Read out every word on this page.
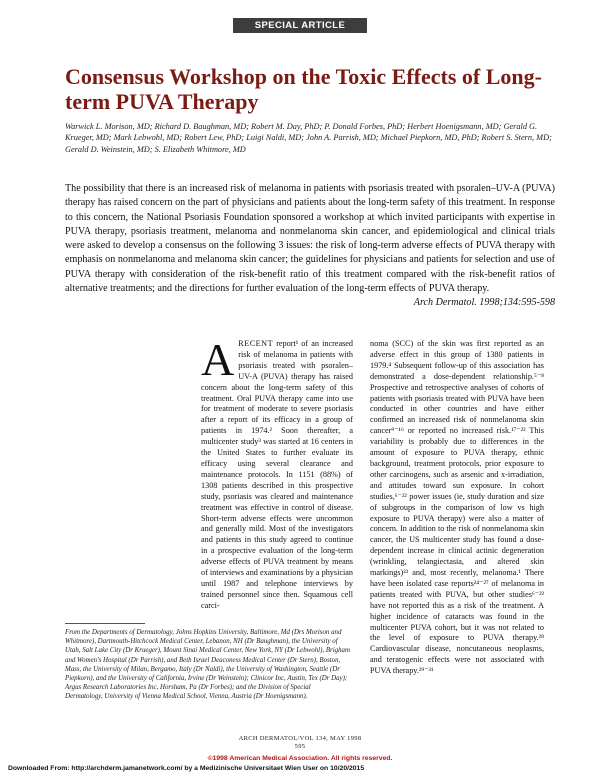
SPECIAL ARTICLE
Consensus Workshop on the Toxic Effects of Long-term PUVA Therapy
Warwick L. Morison, MD; Richard D. Baughman, MD; Robert M. Day, PhD; P. Donald Forbes, PhD; Herbert Hoenigsmann, MD; Gerald G. Krueger, MD; Mark Lebwohl, MD; Robert Lew, PhD; Luigi Naldi, MD; John A. Parrish, MD; Michael Piepkorn, MD, PhD; Robert S. Stern, MD; Gerald D. Weinstein, MD; S. Elizabeth Whitmore, MD
The possibility that there is an increased risk of melanoma in patients with psoriasis treated with psoralen–UV-A (PUVA) therapy has raised concern on the part of physicians and patients about the long-term safety of this treatment. In response to this concern, the National Psoriasis Foundation sponsored a workshop at which invited participants with expertise in PUVA therapy, psoriasis treatment, melanoma and nonmelanoma skin cancer, and epidemiological and clinical trials were asked to develop a consensus on the following 3 issues: the risk of long-term adverse effects of PUVA therapy with emphasis on nonmelanoma and melanoma skin cancer; the guidelines for physicians and patients for selection and use of PUVA therapy with consideration of the risk-benefit ratio of this treatment compared with the risk-benefit ratios of alternative treatments; and the directions for further evaluation of the long-term effects of PUVA therapy.
Arch Dermatol. 1998;134:595-598
ARECENT report¹ of an increased risk of melanoma in patients with psoriasis treated with psoralen–UV-A (PUVA) therapy has raised concern about the long-term safety of this treatment. Oral PUVA therapy came into use for treatment of moderate to severe psoriasis after a report of its efficacy in a group of patients in 1974.² Soon thereafter, a multicenter study³ was started at 16 centers in the United States to further evaluate its efficacy using several clearance and maintenance protocols. In 1151 (88%) of 1308 patients described in this prospective study, psoriasis was cleared and maintenance treatment was effective in control of disease. Short-term adverse effects were uncommon and generally mild. Most of the investigators and patients in this study agreed to continue in a prospective evaluation of the long-term adverse effects of PUVA treatment by means of interviews and examinations by a physician until 1987 and telephone interviews by trained personnel since then. Squamous cell carci-
noma (SCC) of the skin was first reported as an adverse effect in this group of 1380 patients in 1979.⁴ Subsequent follow-up of this association has demonstrated a dose-dependent relationship.⁵⁻⁸ Prospective and retrospective analyses of cohorts of patients with psoriasis treated with PUVA have been conducted in other countries and have either confirmed an increased risk of nonmelanoma skin cancer⁹⁻¹⁶ or reported no increased risk.¹⁷⁻²² This variability is probably due to differences in the amount of exposure to PUVA therapy, ethnic background, treatment protocols, prior exposure to other carcinogens, such as arsenic and x-irradiation, and attitudes toward sun exposure. In cohort studies,⁶⁻²² power issues (ie, study duration and size of subgroups in the comparison of low vs high exposure to PUVA therapy) were also a matter of concern. In addition to the risk of nonmelanoma skin cancer, the US multicenter study has found a dose-dependent increase in clinical actinic degeneration (wrinkling, telangiectasia, and altered skin markings)²³ and, most recently, melanoma.¹ There have been isolated case reports²⁴⁻²⁷ of melanoma in patients treated with PUVA, but other studies⁶⁻²² have not reported this as a risk of the treatment. A higher incidence of cataracts was found in the multicenter PUVA cohort, but it was not related to the level of exposure to PUVA therapy.²⁸ Cardiovascular disease, noncutaneous neoplasms, and teratogenic effects were not associated with PUVA therapy.²⁹⁻³¹
From the Departments of Dermatology, Johns Hopkins University, Baltimore, Md (Drs Morison and Whitmore), Dartmouth-Hitchcock Medical Center, Lebanon, NH (Dr Baughman), the University of Utah, Salt Lake City (Dr Krueger), Mount Sinai Medical Center, New York, NY (Dr Lebwohl), Brigham and Women's Hospital (Dr Parrish), and Beth Israel Deaconess Medical Center (Dr Stern), Boston, Mass, the University of Milan, Bergamo, Italy (Dr Naldi), the University of Washington, Seattle (Dr Piepkorn), and the University of California, Irvine (Dr Weinstein); Clinicor Inc, Austin, Tex (Dr Day); Argus Research Laboratories Inc, Horsham, Pa (Dr Forbes); and the Division of Special Dermatology, University of Vienna Medical School, Vienna, Austria (Dr Hoenigsmann).
ARCH DERMATOL/VOL 134, MAY 1998
595
©1998 American Medical Association. All rights reserved.
Downloaded From: http://archderm.jamanetwork.com/ by a Medizinische Universitaet Wien User on 10/20/2015
